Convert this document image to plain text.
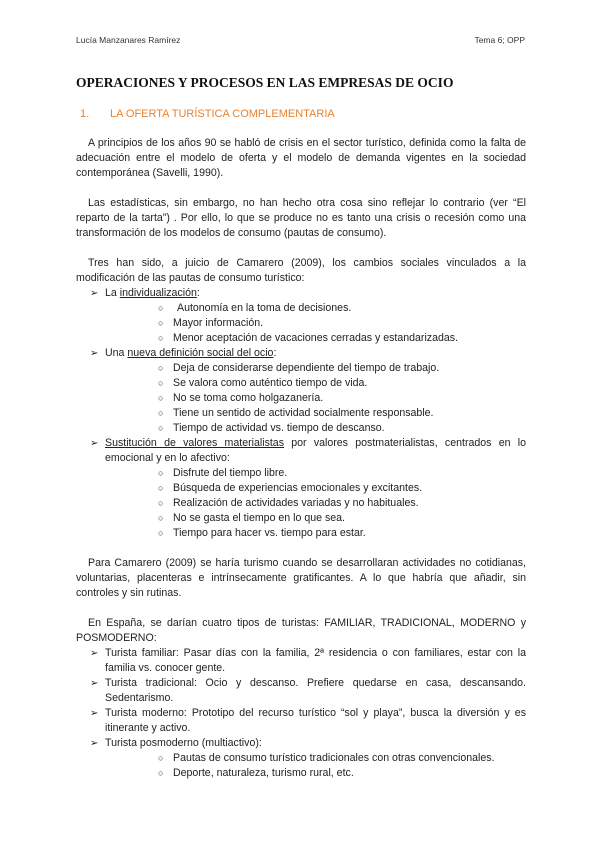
Lucía Manzanares Ramírez	Tema 6; OPP
OPERACIONES Y PROCESOS EN LAS EMPRESAS DE OCIO
1. LA OFERTA TURÍSTICA COMPLEMENTARIA

A principios de los años 90 se habló de crisis en el sector turístico, definida como la falta de adecuación entre el modelo de oferta y el modelo de demanda vigentes en la sociedad contemporánea (Savelli, 1990).

Las estadísticas, sin embargo, no han hecho otra cosa sino reflejar lo contrario (ver “El reparto de la tarta”) . Por ello, lo que se produce no es tanto una crisis o recesión como una transformación de los modelos de consumo (pautas de consumo).

Tres han sido, a juicio de Camarero (2009), los cambios sociales vinculados a la modificación de las pautas de consumo turístico:

➢ La individualización:
○ Autonomía en la toma de decisiones.
○ Mayor información.
○ Menor aceptación de vacaciones cerradas y estandarizadas.
➢ Una nueva definición social del ocio:
○ Deja de considerarse dependiente del tiempo de trabajo.
○ Se valora como auténtico tiempo de vida.
○ No se toma como holgazanería.
○ Tiene un sentido de actividad socialmente responsable.
○ Tiempo de actividad vs. tiempo de descanso.
➢ Sustitución de valores materialistas por valores postmaterialistas, centrados en lo emocional y en lo afectivo:
○ Disfrute del tiempo libre.
○ Búsqueda de experiencias emocionales y excitantes.
○ Realización de actividades variadas y no habituales.
○ No se gasta el tiempo en lo que sea.
○ Tiempo para hacer vs. tiempo para estar.

Para Camarero (2009) se haría turismo cuando se desarrollaran actividades no cotidianas, voluntarias, placenteras e intrínsecamente gratificantes. A lo que habría que añadir, sin controles y sin rutinas.

En España, se darían cuatro tipos de turistas: FAMILIAR, TRADICIONAL, MODERNO y POSMODERNO:

➢ Turista familiar: Pasar días con la familia, 2ª residencia o con familiares, estar con la familia vs. conocer gente.
➢ Turista tradicional: Ocio y descanso. Prefiere quedarse en casa, descansando. Sedentarismo.
➢ Turista moderno: Prototipo del recurso turístico “sol y playa”, busca la diversión y es itinerante y activo.
➢ Turista posmoderno (multiactivo):
○ Pautas de consumo turístico tradicionales con otras convencionales.
○ Deporte, naturaleza, turismo rural, etc.
